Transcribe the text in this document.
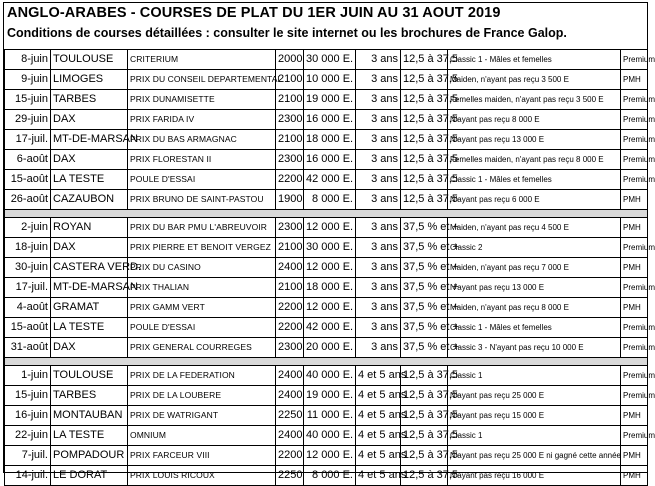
ANGLO-ARABES - COURSES DE PLAT DU 1ER JUIN AU 31 AOUT 2019
Conditions de courses détaillées : consulter le site internet ou les brochures de France Galop.
8-juin	TOULOUSE	CRITERIUM	2000	30 000 E.	3 ans	12,5 à 37,5	Classic 1 - Mâles et femelles	Premium
9-juin	LIMOGES	PRIX DU CONSEIL DEPARTEMENTAL	2100	10 000 E.	3 ans	12,5 à 37,5	Maiden, n'ayant pas reçu 3 500 E	PMH
15-juin	TARBES	PRIX DUNAMISETTE	2100	19 000 E.	3 ans	12,5 à 37,5	Femelles maiden, n'ayant pas reçu 3 500 E	Premium
29-juin	DAX	PRIX FARIDA IV	2300	16 000 E.	3 ans	12,5 à 37,5	N'ayant pas reçu 8 000 E	Premium
17-juil.	MT-DE-MARSAN	PRIX DU BAS ARMAGNAC	2100	18 000 E.	3 ans	12,5 à 37,5	N'ayant pas reçu 13 000 E	Premium
6-août	DAX	PRIX FLORESTAN II	2300	16 000 E.	3 ans	12,5 à 37,5	Femelles maiden, n'ayant pas reçu 8 000 E	Premium
15-août	LA TESTE	POULE D'ESSAI	2200	42 000 E.	3 ans	12,5 à 37,5	Classic 1 - Mâles et femelles	Premium
26-août	CAZAUBON	PRIX BRUNO DE SAINT-PASTOU	1900	8 000 E.	3 ans	12,5 à 37,5	N'ayant pas reçu 6 000 E	PMH

2-juin	ROYAN	PRIX DU BAR PMU L'ABREUVOIR	2300	12 000 E.	3 ans	37,5 % et +	Maiden, n'ayant pas reçu 4 500 E	PMH
18-juin	DAX	PRIX PIERRE ET BENOIT VERGEZ	2100	30 000 E.	3 ans	37,5 % et +	Classic 2	Premium
30-juin	CASTERA VERD.	PRIX DU CASINO	2400	12 000 E.	3 ans	37,5 % et +	Maiden, n'ayant pas reçu 7 000 E	PMH
17-juil.	MT-DE-MARSAN	PRIX THALIAN	2100	18 000 E.	3 ans	37,5 % et +	N'ayant pas reçu 13 000 E	Premium
4-août	GRAMAT	PRIX GAMM VERT	2200	12 000 E.	3 ans	37,5 % et +	Maiden, n'ayant pas reçu 8 000 E	PMH
15-août	LA TESTE	POULE D'ESSAI	2200	42 000 E.	3 ans	37,5 % et +	Classic 1 - Mâles et femelles	Premium
31-août	DAX	PRIX GENERAL COURREGES	2300	20 000 E.	3 ans	37,5 % et +	Classic 3 - N'ayant pas reçu 10 000 E	Premium

1-juin	TOULOUSE	PRIX DE LA FEDERATION	2400	40 000 E.	4 et 5 ans	12,5 à 37,5	Classic 1	Premium
15-juin	TARBES	PRIX DE LA LOUBERE	2400	19 000 E.	4 et 5 ans	12,5 à 37,5	N'ayant pas reçu 25 000 E	Premium
16-juin	MONTAUBAN	PRIX DE WATRIGANT	2250	11 000 E.	4 et 5 ans	12,5 à 37,5	N'ayant pas reçu 15 000 E	PMH
22-juin	LA TESTE	OMNIUM	2400	40 000 E.	4 et 5 ans	12,5 à 37,5	Classic 1	Premium
7-juil.	POMPADOUR	PRIX FARCEUR VIII	2200	12 000 E.	4 et 5 ans	12,5 à 37,5	N'ayant pas reçu 25 000 E ni gagné cette année	PMH
14-juil.	LE DORAT	PRIX LOUIS RICOUX	2250	8 000 E.	4 et 5 ans	12,5 à 37,5	N'ayant pas reçu 16 000 E	PMH
